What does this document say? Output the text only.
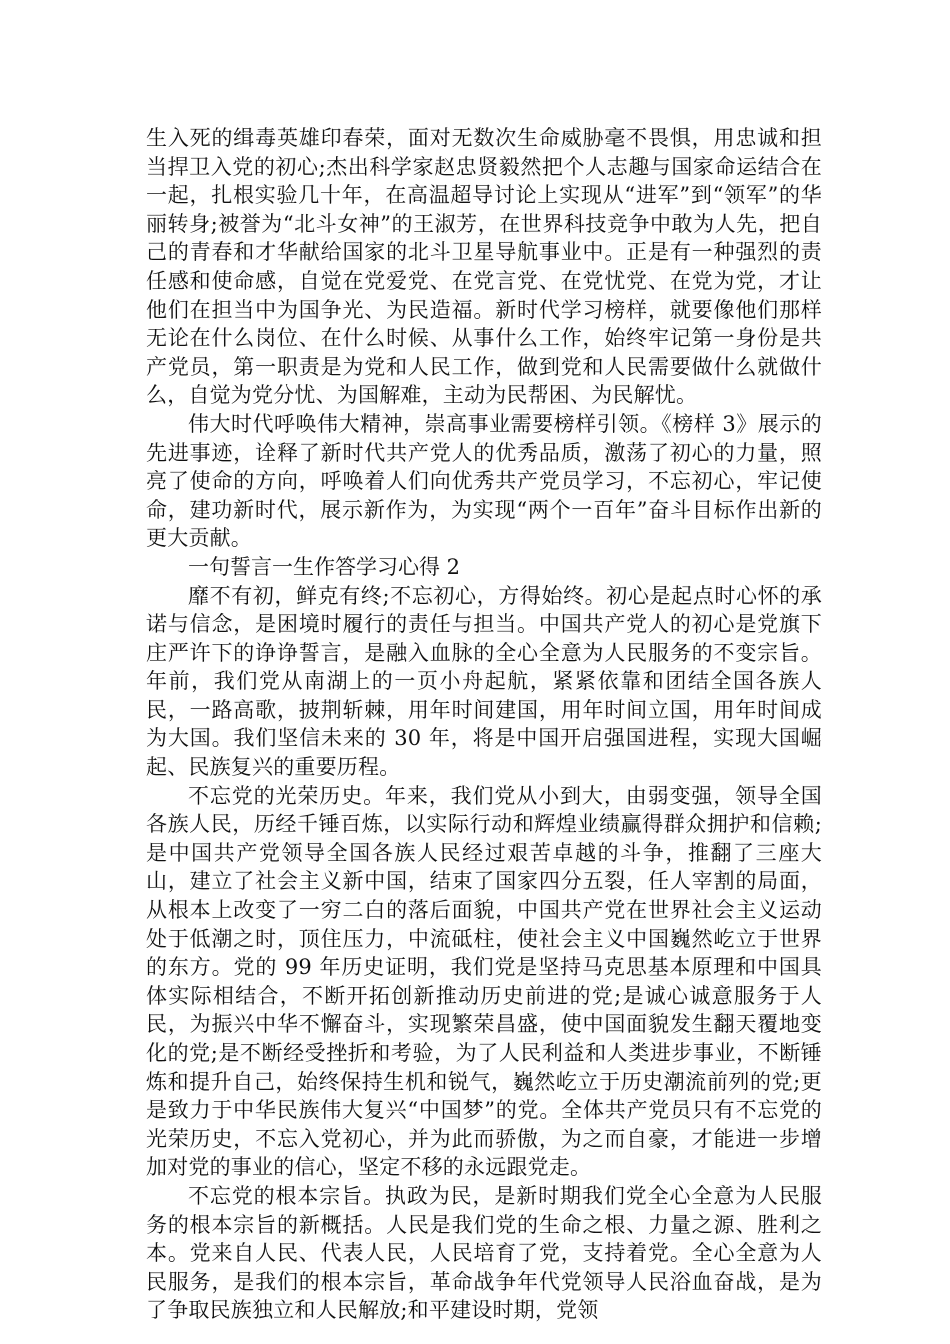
生入死的缉毒英雄印春荣，面对无数次生命威胁毫不畏惧，用忠诚和担当捍卫入党的初心;杰出科学家赵忠贤毅然把个人志趣与国家命运结合在一起，扎根实验几十年，在高温超导讨论上实现从“进军”到“领军”的华丽转身;被誉为“北斗女神”的王淑芳，在世界科技竞争中敢为人先，把自己的青春和才华献给国家的北斗卫星导航事业中。正是有一种强烈的责任感和使命感，自觉在党爱党、在党言党、在党忧党、在党为党，才让他们在担当中为国争光、为民造福。新时代学习榜样，就要像他们那样无论在什么岗位、在什么时候、从事什么工作，始终牢记第一身份是共产党员，第一职责是为党和人民工作，做到党和人民需要做什么就做什么，自觉为党分忧、为国解难，主动为民帮困、为民解忧。

伟大时代呼唤伟大精神，崇高事业需要榜样引领。《榜样 3》展示的先进事迹，诠释了新时代共产党人的优秀品质，激荡了初心的力量，照亮了使命的方向，呼唤着人们向优秀共产党员学习，不忘初心，牢记使命，建功新时代，展示新作为，为实现“两个一百年”奋斗目标作出新的更大贡献。

一句誓言一生作答学习心得 2

靡不有初，鲜克有终;不忘初心，方得始终。初心是起点时心怀的承诺与信念，是困境时履行的责任与担当。中国共产党人的初心是党旗下庄严许下的诤诤誓言，是融入血脉的全心全意为人民服务的不变宗旨。年前，我们党从南湖上的一页小舟起航，紧紧依靠和团结全国各族人民，一路高歌，披荆斩棘，用年时间建国，用年时间立国，用年时间成为大国。我们坚信未来的 30 年，将是中国开启强国进程，实现大国崛起、民族复兴的重要历程。

不忘党的光荣历史。年来，我们党从小到大，由弱变强，领导全国各族人民，历经千锤百炼，以实际行动和辉煌业绩赢得群众拥护和信赖;是中国共产党领导全国各族人民经过艰苦卓越的斗争，推翻了三座大山，建立了社会主义新中国，结束了国家四分五裂，任人宰割的局面，从根本上改变了一穷二白的落后面貌，中国共产党在世界社会主义运动处于低潮之时，顶住压力，中流砥柱，使社会主义中国巍然屹立于世界的东方。党的 99 年历史证明，我们党是坚持马克思基本原理和中国具体实际相结合，不断开拓创新推动历史前进的党;是诚心诚意服务于人民，为振兴中华不懈奋斗，实现繁荣昌盛，使中国面貌发生翻天覆地变化的党;是不断经受挫折和考验，为了人民利益和人类进步事业，不断锤炼和提升自己，始终保持生机和锐气，巍然屹立于历史潮流前列的党;更是致力于中华民族伟大复兴“中国梦”的党。全体共产党员只有不忘党的光荣历史，不忘入党初心，并为此而骄傲，为之而自豪，才能进一步增加对党的事业的信心，坚定不移的永远跟党走。

不忘党的根本宗旨。执政为民，是新时期我们党全心全意为人民服务的根本宗旨的新概括。人民是我们党的生命之根、力量之源、胜利之本。党来自人民、代表人民，人民培育了党，支持着党。全心全意为人民服务，是我们的根本宗旨，革命战争年代党领导人民浴血奋战，是为了争取民族独立和人民解放;和平建设时期，党领
